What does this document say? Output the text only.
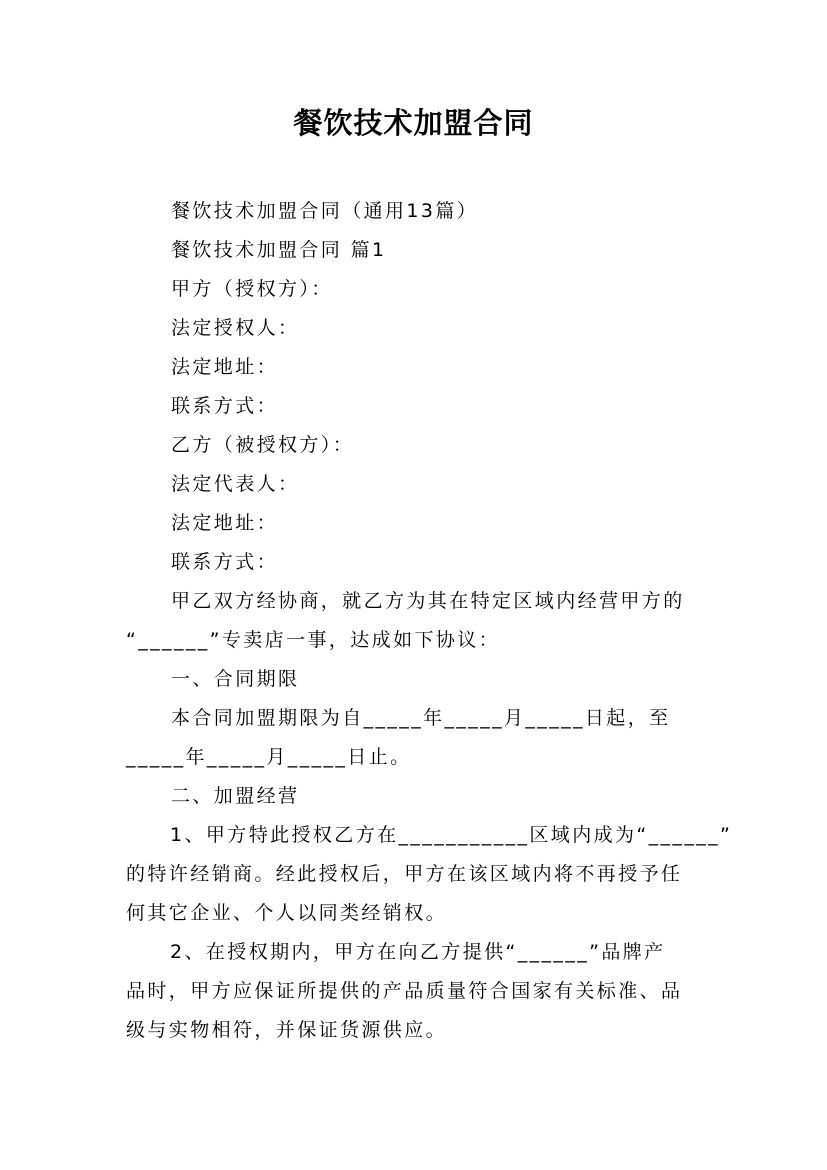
餐饮技术加盟合同
餐饮技术加盟合同（通用13篇）
餐饮技术加盟合同 篇1
甲方（授权方）：
法定授权人：
法定地址：
联系方式：
乙方（被授权方）：
法定代表人：
法定地址：
联系方式：
甲乙双方经协商，就乙方为其在特定区域内经营甲方的
“______”专卖店一事，达成如下协议：
一、合同期限
本合同加盟期限为自_____年_____月_____日起，至
_____年_____月_____日止。
二、加盟经营
1、甲方特此授权乙方在___________区域内成为“______”
的特许经销商。经此授权后，甲方在该区域内将不再授予任
何其它企业、个人以同类经销权。
2、在授权期内，甲方在向乙方提供“______”品牌产
品时，甲方应保证所提供的产品质量符合国家有关标准、品
级与实物相符，并保证货源供应。
